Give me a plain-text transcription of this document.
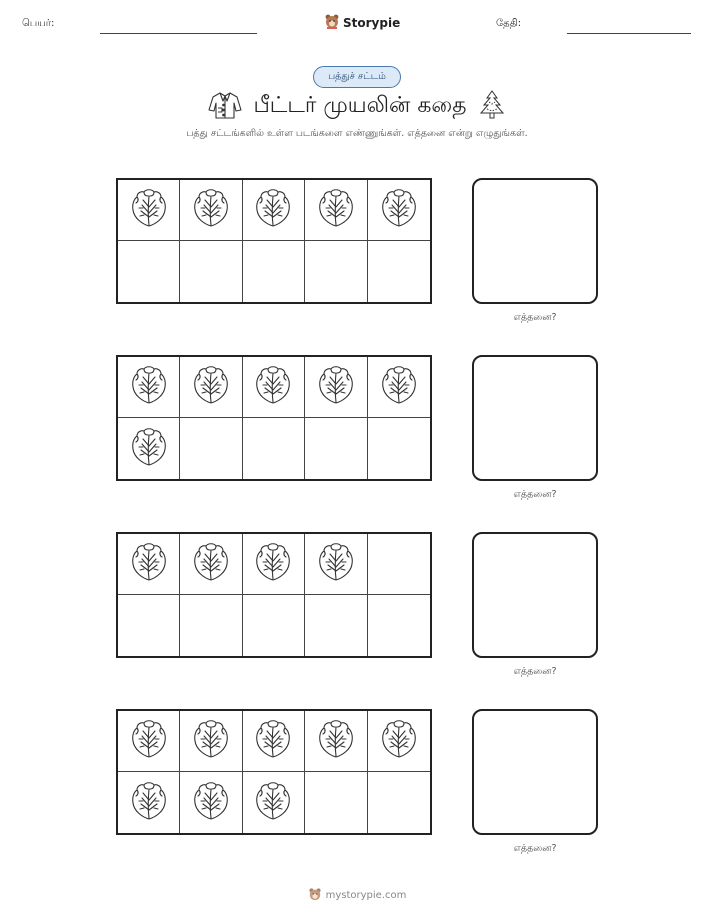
பெயர்:	Storypie	தேதி:
பத்துச் சட்டம்
பீட்டர் முயலின் கதை
பத்து சட்டங்களில் உள்ள படங்களை எண்ணுங்கள். எத்தனை என்று எழுதுங்கள்.
எத்தனை?
எத்தனை?
எத்தனை?
எத்தனை?
mystorypie.com
